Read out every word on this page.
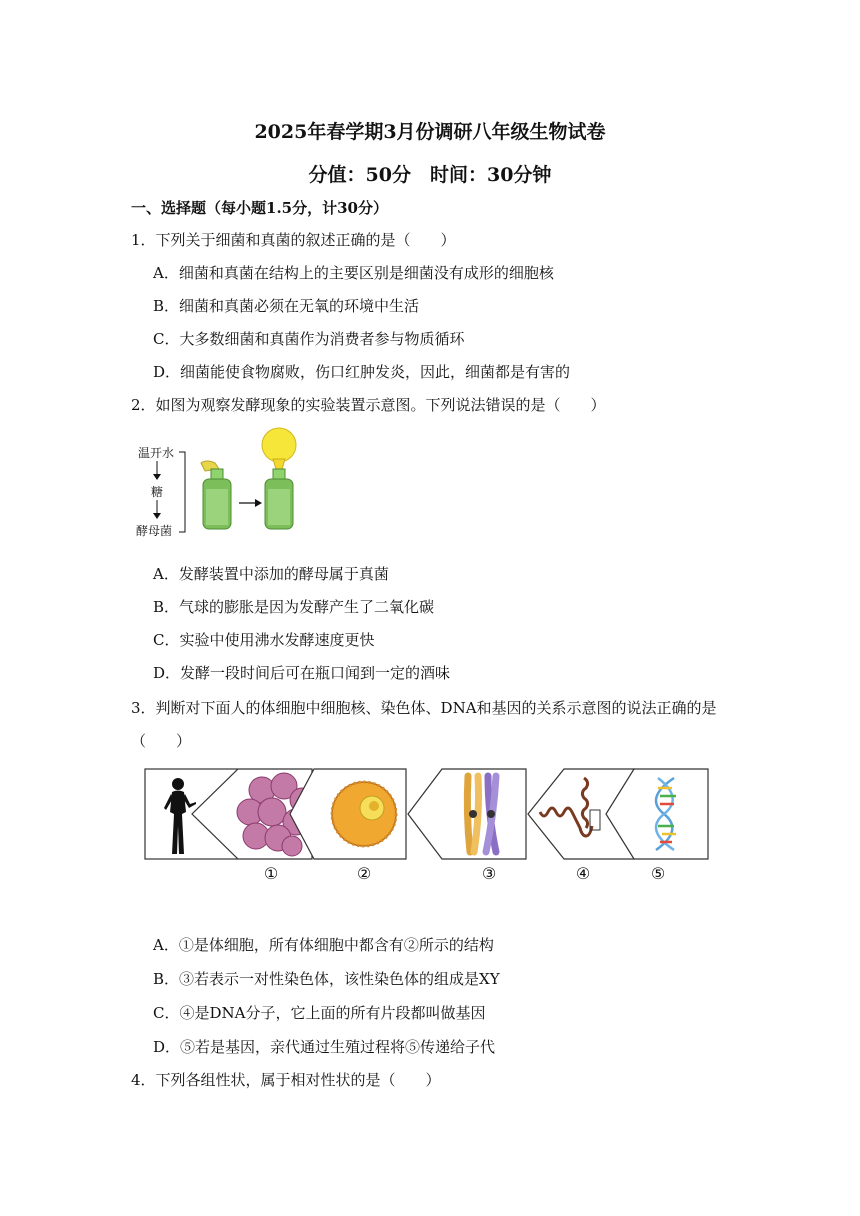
2025年春学期3月份调研八年级生物试卷
分值：50分　时间：30分钟
一、选择题（每小题1.5分，计30分）
1．下列关于细菌和真菌的叙述正确的是（　　）
A．细菌和真菌在结构上的主要区别是细菌没有成形的细胞核
B．细菌和真菌必须在无氧的环境中生活
C．大多数细菌和真菌作为消费者参与物质循环
D．细菌能使食物腐败，伤口红肿发炎，因此，细菌都是有害的
2．如图为观察发酵现象的实验装置示意图。下列说法错误的是（　　）
温开水
糖
酵母菌
A．发酵装置中添加的酵母属于真菌
B．气球的膨胀是因为发酵产生了二氧化碳
C．实验中使用沸水发酵速度更快
D．发酵一段时间后可在瓶口闻到一定的酒味
3．判断对下面人的体细胞中细胞核、染色体、DNA和基因的关系示意图的说法正确的是
（　　）
①	②	③	④	⑤
A．①是体细胞，所有体细胞中都含有②所示的结构
B．③若表示一对性染色体，该性染色体的组成是XY
C．④是DNA分子，它上面的所有片段都叫做基因
D．⑤若是基因，亲代通过生殖过程将⑤传递给子代
4．下列各组性状，属于相对性状的是（　　）
